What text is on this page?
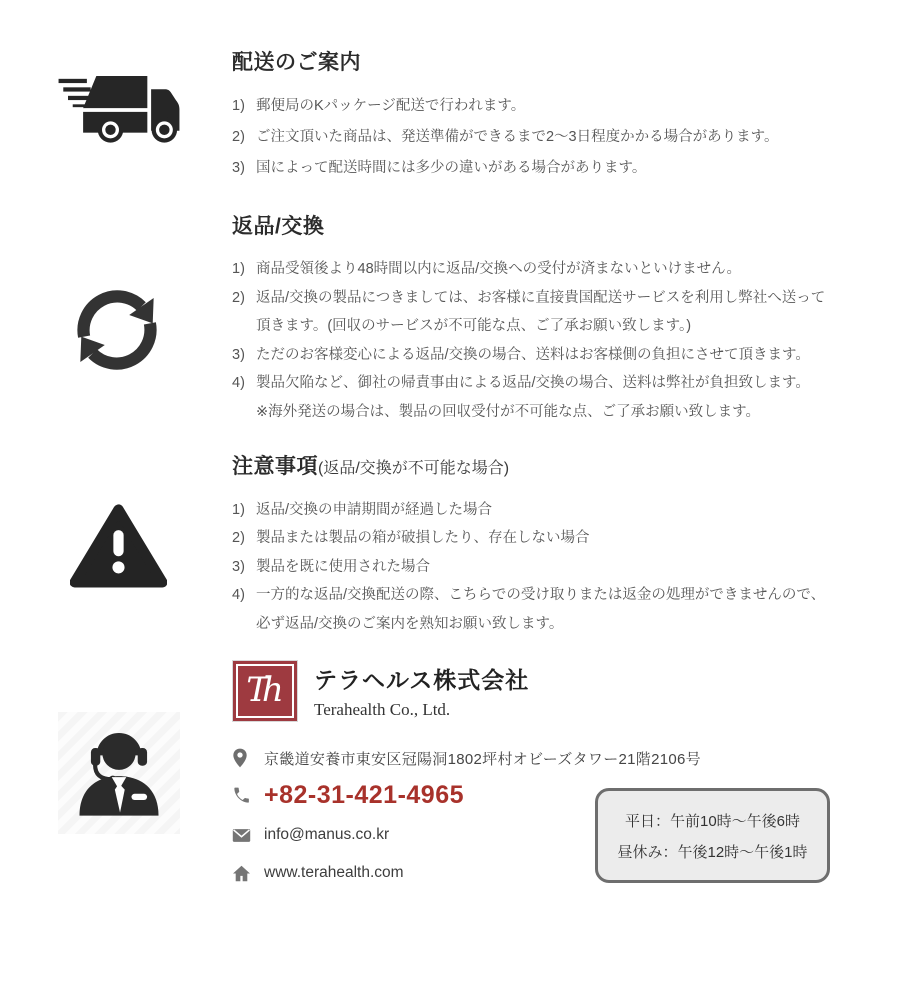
配送のご案内
1) 郵便局のKパッケージ配送で行われます。
2) ご注文頂いた商品は、発送準備ができるまで2〜3日程度かかる場合があります。
3) 国によって配送時間には多少の違いがある場合があります。
返品/交換
1) 商品受領後より48時間以内に返品/交換への受付が済まないといけません。
2) 返品/交換の製品につきましては、お客様に直接貴国配送サービスを利用し弊社へ送って
頂きます。(回収のサービスが不可能な点、ご了承お願い致します。)
3) ただのお客様変心による返品/交換の場合、送料はお客様側の負担にさせて頂きます。
4) 製品欠陥など、御社の帰責事由による返品/交換の場合、送料は弊社が負担致します。
※海外発送の場合は、製品の回収受付が不可能な点、ご了承お願い致します。
注意事項(返品/交換が不可能な場合)
1) 返品/交換の申請期間が経過した場合
2) 製品または製品の箱が破損したり、存在しない場合
3) 製品を既に使用された場合
4) 一方的な返品/交換配送の際、こちらでの受け取りまたは返金の処理ができませんので、
必ず返品/交換のご案内を熟知お願い致します。
Th	テラヘルス株式会社
Terahealth Co., Ltd.
京畿道安養市東安区冠陽洞1802坪村オビーズタワー21階2106号
+82-31-421-4965
info@manus.co.kr
www.terahealth.com
平日：午前10時〜午後6時
昼休み：午後12時〜午後1時
